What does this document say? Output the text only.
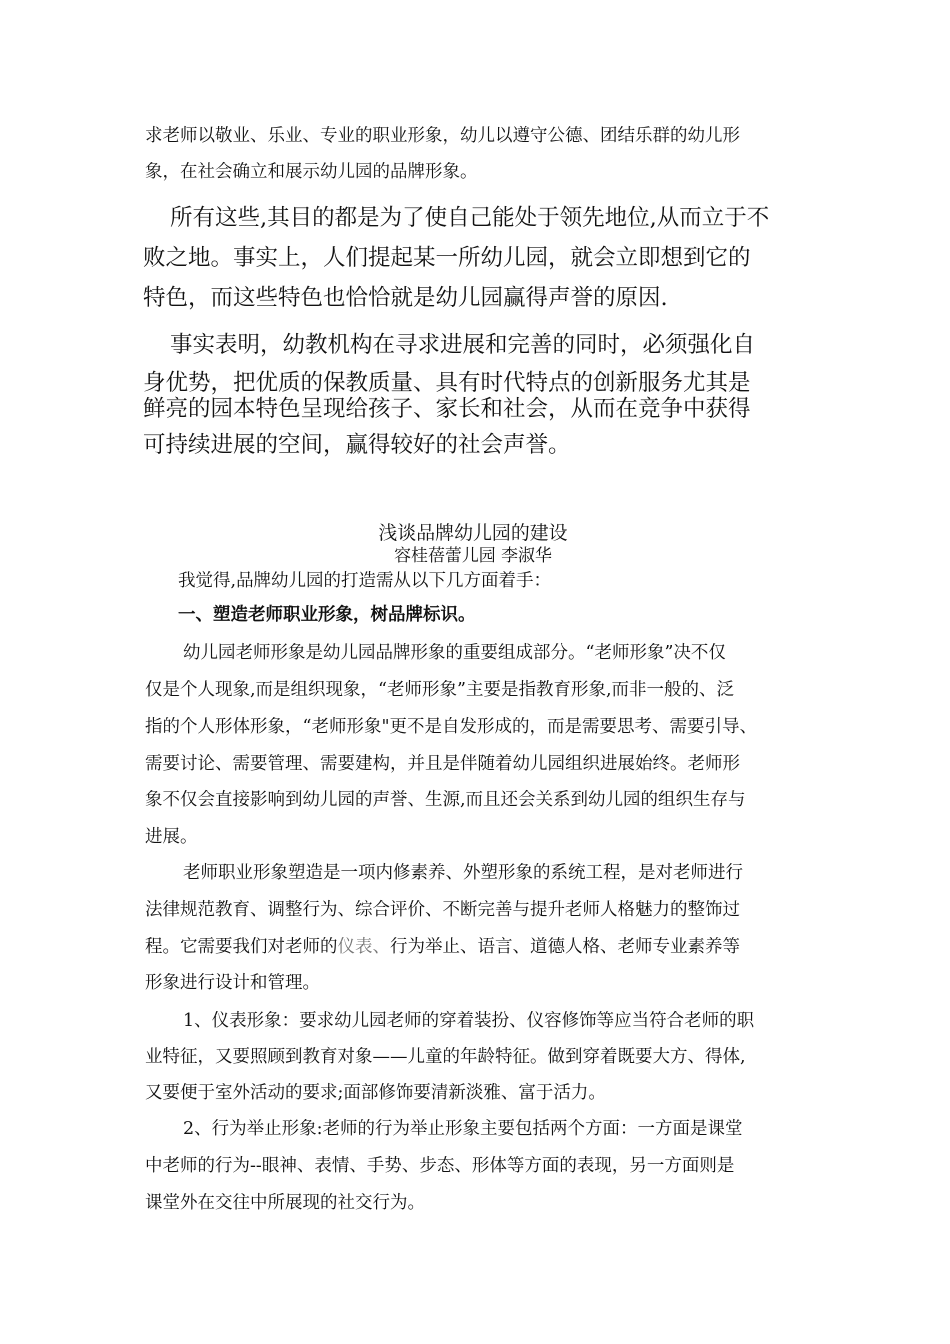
求老师以敬业、乐业、专业的职业形象，幼儿以遵守公德、团结乐群的幼儿形
象，在社会确立和展示幼儿园的品牌形象。
所有这些,其目的都是为了使自己能处于领先地位,从而立于不
败之地。事实上，人们提起某一所幼儿园，就会立即想到它的
特色，而这些特色也恰恰就是幼儿园赢得声誉的原因.
事实表明，幼教机构在寻求进展和完善的同时，必须强化自
身优势，把优质的保教质量、具有时代特点的创新服务尤其是
鲜亮的园本特色呈现给孩子、家长和社会，从而在竞争中获得
可持续进展的空间，赢得较好的社会声誉。
浅谈品牌幼儿园的建设
容桂蓓蕾儿园 李淑华
我觉得,品牌幼儿园的打造需从以下几方面着手：
一、塑造老师职业形象，树品牌标识。
幼儿园老师形象是幼儿园品牌形象的重要组成部分。“老师形象”决不仅
仅是个人现象,而是组织现象，“老师形象”主要是指教育形象,而非一般的、泛
指的个人形体形象，“老师形象"更不是自发形成的，而是需要思考、需要引导、
需要讨论、需要管理、需要建构，并且是伴随着幼儿园组织进展始终。老师形
象不仅会直接影响到幼儿园的声誉、生源,而且还会关系到幼儿园的组织生存与
进展。
老师职业形象塑造是一项内修素养、外塑形象的系统工程，是对老师进行
法律规范教育、调整行为、综合评价、不断完善与提升老师人格魅力的整饰过
程。它需要我们对老师的仪表、行为举止、语言、道德人格、老师专业素养等
形象进行设计和管理。
1、仪表形象：要求幼儿园老师的穿着装扮、仪容修饰等应当符合老师的职
业特征，又要照顾到教育对象——儿童的年龄特征。做到穿着既要大方、得体,
又要便于室外活动的要求;面部修饰要清新淡雅、富于活力。
2、行为举止形象:老师的行为举止形象主要包括两个方面：一方面是课堂
中老师的行为--眼神、表情、手势、步态、形体等方面的表现，另一方面则是
课堂外在交往中所展现的社交行为。
